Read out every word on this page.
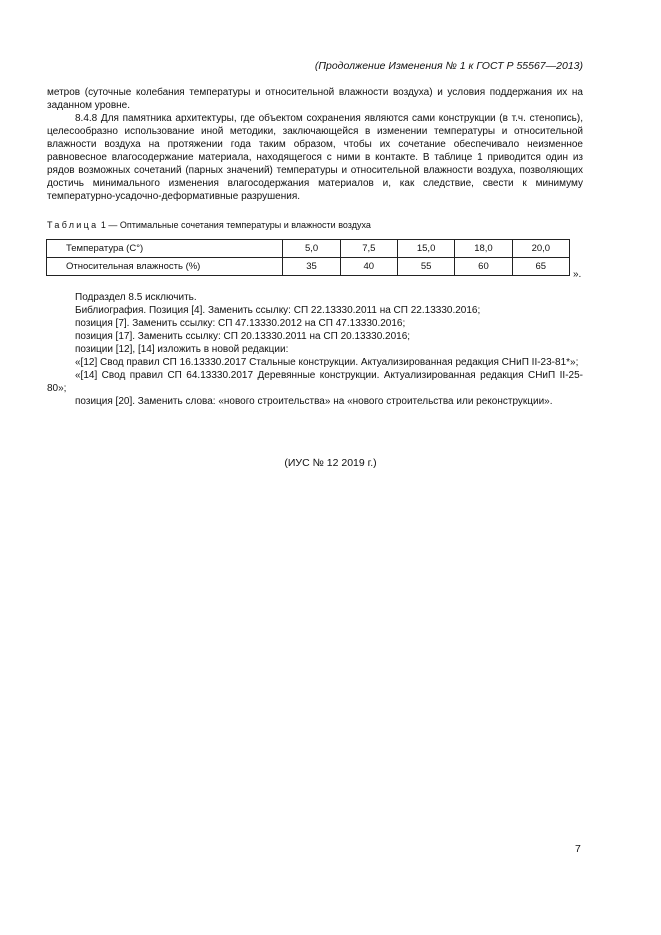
(Продолжение Изменения № 1 к ГОСТ Р 55567—2013)

метров (суточные колебания температуры и относительной влажности воздуха) и условия поддержания их на заданном уровне.

8.4.8 Для памятника архитектуры, где объектом сохранения являются сами конструкции (в т.ч. стенопись), целесообразно использование иной методики, заключающейся в изменении температуры и относительной влажности воздуха на протяжении года таким образом, чтобы их сочетание обеспечивало неизменное равновесное влагосодержание материала, находящегося с ними в контакте. В таблице 1 приводится один из рядов возможных сочетаний (парных значений) температуры и относительной влажности воздуха, позволяющих достичь минимального изменения влагосодержания материалов и, как следствие, свести к минимуму температурно-усадочно-деформативные разрушения.

Таблица 1 — Оптимальные сочетания температуры и влажности воздуха
Температура (С°)	5,0	7,5	15,0	18,0	20,0
Относительная влажность (%)	35	40	55	60	65
».

Подраздел 8.5 исключить.

Библиография. Позиция [4]. Заменить ссылку: СП 22.13330.2011 на СП 22.13330.2016;

позиция [7]. Заменить ссылку: СП 47.13330.2012 на СП 47.13330.2016;

позиция [17]. Заменить ссылку: СП 20.13330.2011 на СП 20.13330.2016;

позиции [12], [14] изложить в новой редакции:

«[12] Свод правил СП 16.13330.2017 Стальные конструкции. Актуализированная редакция СНиП II-23-81*»;

«[14] Свод правил СП 64.13330.2017 Деревянные конструкции. Актуализированная редакция СНиП II-25-80»;

позиция [20]. Заменить слова: «нового строительства» на «нового строительства или реконструкции».

(ИУС № 12 2019 г.)
7
